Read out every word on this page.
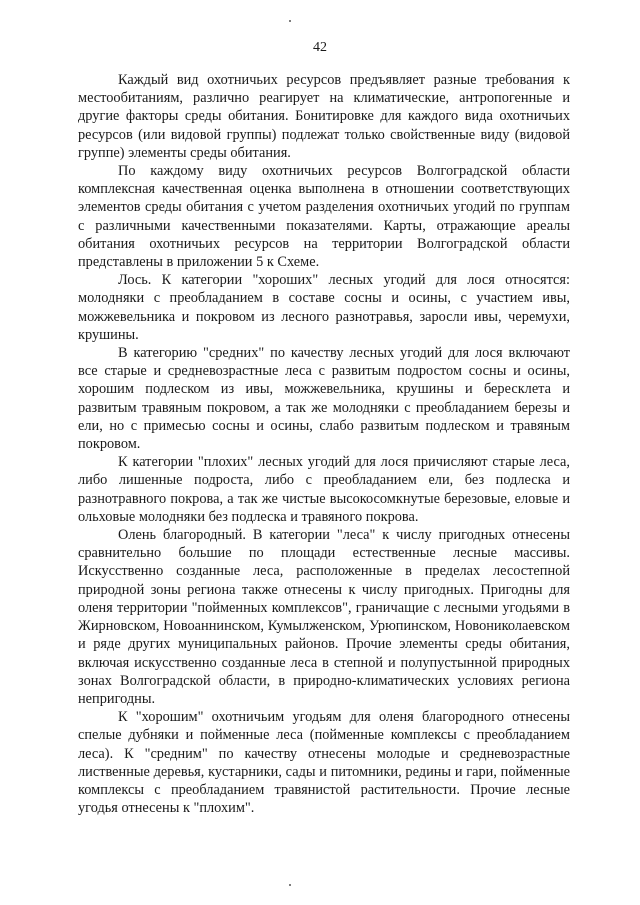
42

Каждый вид охотничьих ресурсов предъявляет разные требования к местообитаниям, различно реагирует на климатические, антропогенные и другие факторы среды обитания. Бонитировке для каждого вида охотничьих ресурсов (или видовой группы) подлежат только свойственные виду (видовой группе) элементы среды обитания.

По каждому виду охотничьих ресурсов Волгоградской области комплексная качественная оценка выполнена в отношении соответствующих элементов среды обитания с учетом разделения охотничьих угодий по группам с различными качественными показателями. Карты, отражающие ареалы обитания охотничьих ресурсов на территории Волгоградской области представлены в приложении 5 к Схеме.

Лось. К категории "хороших" лесных угодий для лося относятся: молодняки с преобладанием в составе сосны и осины, с участием ивы, можжевельника и покровом из лесного разнотравья, заросли ивы, черемухи, крушины.

В категорию "средних" по качеству лесных угодий для лося включают все старые и средневозрастные леса с развитым подростом сосны и осины, хорошим подлеском из ивы, можжевельника, крушины и бересклета и развитым травяным покровом, а так же молодняки с преобладанием березы и ели, но с примесью сосны и осины, слабо развитым подлеском и травяным покровом.

К категории "плохих" лесных угодий для лося причисляют старые леса, либо лишенные подроста, либо с преобладанием ели, без подлеска и разнотравного покрова, а так же чистые высокосомкнутые березовые, еловые и ольховые молодняки без подлеска и травяного покрова.

Олень благородный. В категории "леса" к числу пригодных отнесены сравнительно большие по площади естественные лесные массивы. Искусственно созданные леса, расположенные в пределах лесостепной природной зоны региона также отнесены к числу пригодных. Пригодны для оленя территории "пойменных комплексов", граничащие с лесными угодьями в Жирновском, Новоаннинском, Кумылженском, Урюпинском, Новониколаевском и ряде других муниципальных районов. Прочие элементы среды обитания, включая искусственно созданные леса в степной и полупустынной природных зонах Волгоградской области, в природно-климатических условиях региона непригодны.

К "хорошим" охотничьим угодьям для оленя благородного отнесены спелые дубняки и пойменные леса (пойменные комплексы с преобладанием леса). К "средним" по качеству отнесены молодые и средневозрастные лиственные деревья, кустарники, сады и питомники, редины и гари, пойменные комплексы с преобладанием травянистой растительности. Прочие лесные угодья отнесены к "плохим".
